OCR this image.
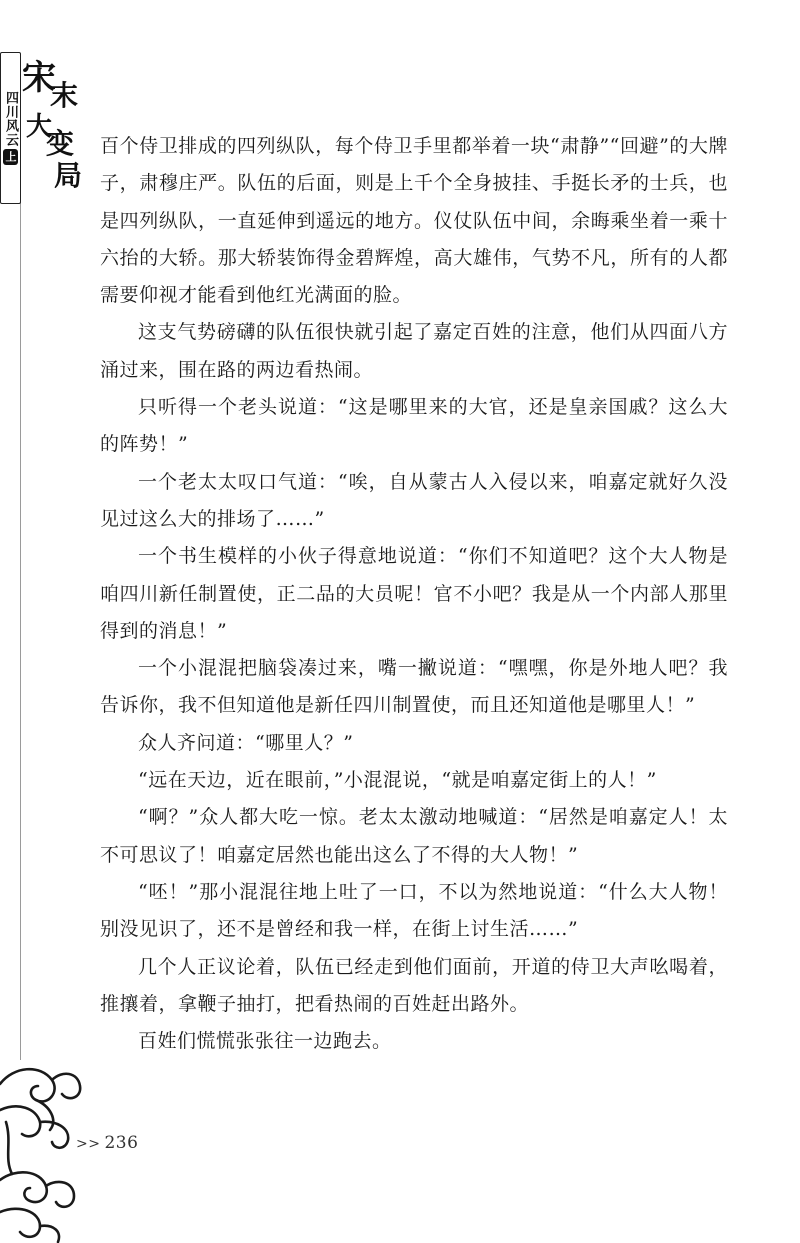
四川风云
上
宋
末
大
变
局

百个侍卫排成的四列纵队，每个侍卫手里都举着一块“肃静”“回避”的大牌子，肃穆庄严。队伍的后面，则是上千个全身披挂、手挺长矛的士兵，也是四列纵队，一直延伸到遥远的地方。仪仗队伍中间，余晦乘坐着一乘十六抬的大轿。那大轿装饰得金碧辉煌，高大雄伟，气势不凡，所有的人都需要仰视才能看到他红光满面的脸。

这支气势磅礴的队伍很快就引起了嘉定百姓的注意，他们从四面八方涌过来，围在路的两边看热闹。

只听得一个老头说道：“这是哪里来的大官，还是皇亲国戚？这么大的阵势！”

一个老太太叹口气道：“唉，自从蒙古人入侵以来，咱嘉定就好久没见过这么大的排场了……”

一个书生模样的小伙子得意地说道：“你们不知道吧？这个大人物是咱四川新任制置使，正二品的大员呢！官不小吧？我是从一个内部人那里得到的消息！”

一个小混混把脑袋凑过来，嘴一撇说道：“嘿嘿，你是外地人吧？我告诉你，我不但知道他是新任四川制置使，而且还知道他是哪里人！”

众人齐问道：“哪里人？”

“远在天边，近在眼前，”小混混说，“就是咱嘉定街上的人！”

“啊？”众人都大吃一惊。老太太激动地喊道：“居然是咱嘉定人！太不可思议了！咱嘉定居然也能出这么了不得的大人物！”

“呸！”那小混混往地上吐了一口，不以为然地说道：“什么大人物！别没见识了，还不是曾经和我一样，在街上讨生活……”

几个人正议论着，队伍已经走到他们面前，开道的侍卫大声吆喝着，推攘着，拿鞭子抽打，把看热闹的百姓赶出路外。

百姓们慌慌张张往一边跑去。

>> 236
